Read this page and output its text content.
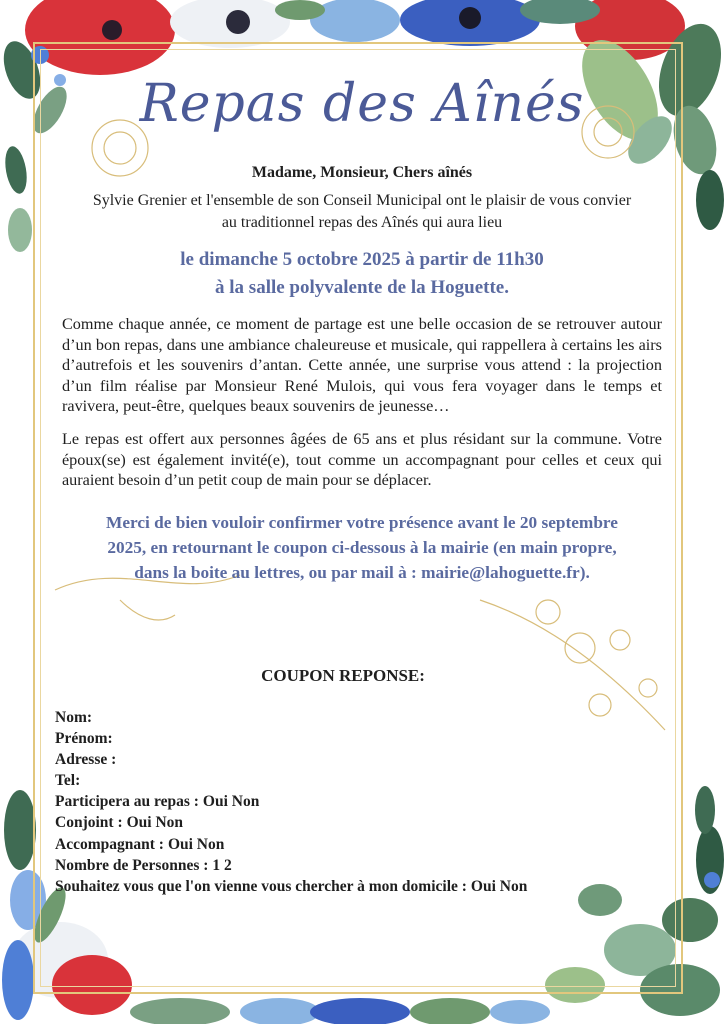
Repas des Aînés
Madame, Monsieur, Chers aînés
Sylvie Grenier et l'ensemble de son Conseil Municipal ont le plaisir de vous convier
au traditionnel repas des Aînés qui aura lieu
le dimanche 5 octobre 2025 à partir de 11h30
à la salle polyvalente de la Hoguette.
Comme chaque année, ce moment de partage est une belle occasion de se retrouver autour d’un bon repas, dans une ambiance chaleureuse et musicale, qui rappellera à certains les airs d’autrefois et les souvenirs d’antan. Cette année, une surprise vous attend : la projection d’un film réalise par Monsieur René Mulois, qui vous fera voyager dans le temps et ravivera, peut-être, quelques beaux souvenirs de jeunesse…
Le repas est offert aux personnes âgées de 65 ans et plus résidant sur la commune. Votre époux(se) est également invité(e), tout comme un accompagnant pour celles et ceux qui auraient besoin d’un petit coup de main pour se déplacer.
Merci de bien vouloir confirmer votre présence avant le 20 septembre
2025, en retournant le coupon ci-dessous à la mairie (en main propre,
dans la boite au lettres, ou par mail à : mairie@lahoguette.fr).
COUPON REPONSE:
Nom:
Prénom:
Adresse :
Tel:
Participera au repas : Oui Non
Conjoint : Oui Non
Accompagnant : Oui Non
Nombre de Personnes : 1 2
Souhaitez vous que l'on vienne vous chercher à mon domicile : Oui Non
